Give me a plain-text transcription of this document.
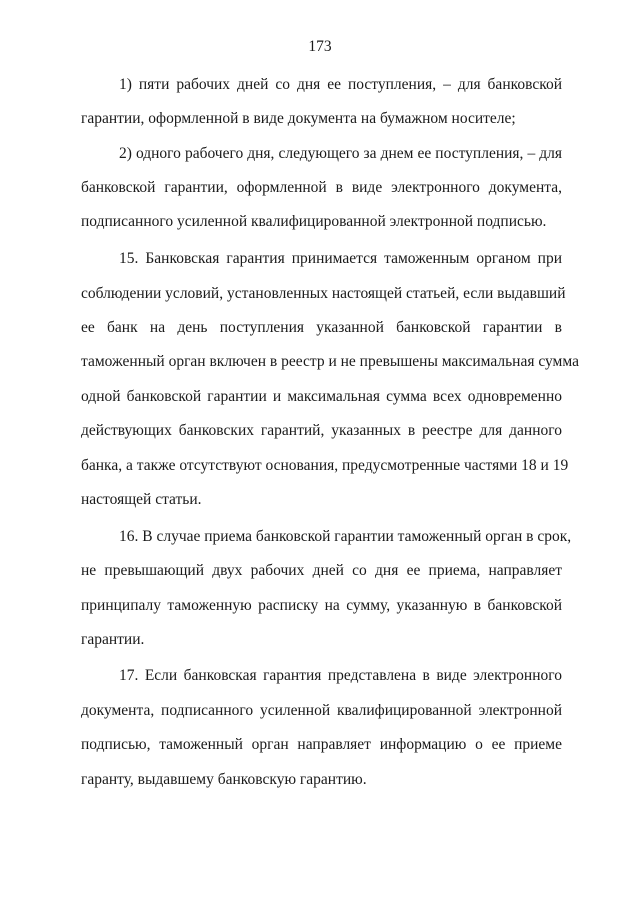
173
1) пяти рабочих дней со дня ее поступления, – для банковской
гарантии, оформленной в виде документа на бумажном носителе;
2) одного рабочего дня, следующего за днем ее поступления, – для
банковской гарантии, оформленной в виде электронного документа,
подписанного усиленной квалифицированной электронной подписью.
15. Банковская гарантия принимается таможенным органом при
соблюдении условий, установленных настоящей статьей, если выдавший
ее банк на день поступления указанной банковской гарантии в
таможенный орган включен в реестр и не превышены максимальная сумма
одной банковской гарантии и максимальная сумма всех одновременно
действующих банковских гарантий, указанных в реестре для данного
банка, а также отсутствуют основания, предусмотренные частями 18 и 19
настоящей статьи.
16. В случае приема банковской гарантии таможенный орган в срок,
не превышающий двух рабочих дней со дня ее приема, направляет
принципалу таможенную расписку на сумму, указанную в банковской
гарантии.
17. Если банковская гарантия представлена в виде электронного
документа, подписанного усиленной квалифицированной электронной
подписью, таможенный орган направляет информацию о ее приеме
гаранту, выдавшему банковскую гарантию.
